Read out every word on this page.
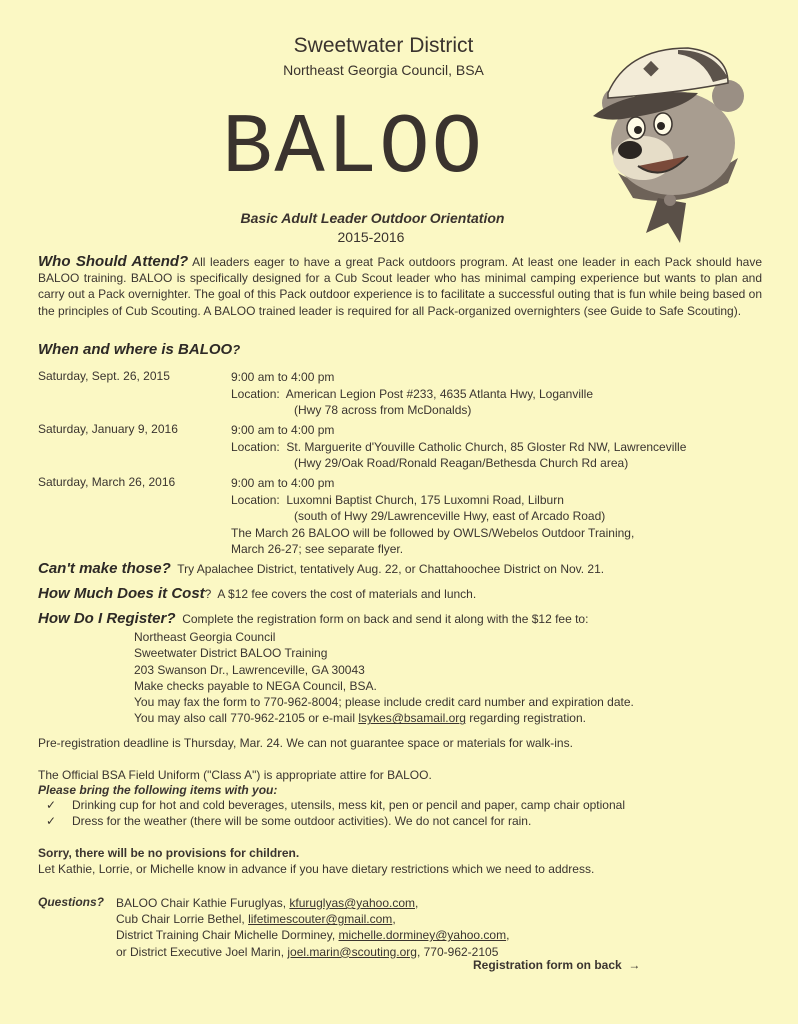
Sweetwater District
Northeast Georgia Council, BSA
BALOO
Basic Adult Leader Outdoor Orientation
2015-2016
Who Should Attend? All leaders eager to have a great Pack outdoors program. At least one leader in each Pack should have BALOO training. BALOO is specifically designed for a Cub Scout leader who has minimal camping experience but wants to plan and carry out a Pack overnighter. The goal of this Pack outdoor experience is to facilitate a successful outing that is fun while being based on the principles of Cub Scouting. A BALOO trained leader is required for all Pack-organized overnighters (see Guide to Safe Scouting).
When and where is BALOO?
Saturday, Sept. 26, 2015	9:00 am to 4:00 pm
Location: American Legion Post #233, 4635 Atlanta Hwy, Loganville
(Hwy 78 across from McDonalds)
Saturday, January 9, 2016	9:00 am to 4:00 pm
Location: St. Marguerite d'Youville Catholic Church, 85 Gloster Rd NW, Lawrenceville
(Hwy 29/Oak Road/Ronald Reagan/Bethesda Church Rd area)
Saturday, March 26, 2016	9:00 am to 4:00 pm
Location: Luxomni Baptist Church, 175 Luxomni Road, Lilburn
(south of Hwy 29/Lawrenceville Hwy, east of Arcado Road)
The March 26 BALOO will be followed by OWLS/Webelos Outdoor Training,
March 26-27; see separate flyer.
Can't make those? Try Apalachee District, tentatively Aug. 22, or Chattahoochee District on Nov. 21.
How Much Does it Cost? A $12 fee covers the cost of materials and lunch.
How Do I Register? Complete the registration form on back and send it along with the $12 fee to:
Northeast Georgia Council
Sweetwater District BALOO Training
203 Swanson Dr., Lawrenceville, GA 30043
Make checks payable to NEGA Council, BSA.
You may fax the form to 770-962-8004; please include credit card number and expiration date.
You may also call 770-962-2105 or e-mail lsykes@bsamail.org regarding registration.
Pre-registration deadline is Thursday, Mar. 24. We can not guarantee space or materials for walk-ins.
The Official BSA Field Uniform ("Class A") is appropriate attire for BALOO.
Please bring the following items with you:
✓ Drinking cup for hot and cold beverages, utensils, mess kit, pen or pencil and paper, camp chair optional
✓ Dress for the weather (there will be some outdoor activities). We do not cancel for rain.
Sorry, there will be no provisions for children.
Let Kathie, Lorrie, or Michelle know in advance if you have dietary restrictions which we need to address.
Questions? BALOO Chair Kathie Furuglyas, kfuruglyas@yahoo.com,
Cub Chair Lorrie Bethel, lifetimescouter@gmail.com,
District Training Chair Michelle Dorminey, michelle.dorminey@yahoo.com,
or District Executive Joel Marin, joel.marin@scouting.org, 770-962-2105
Registration form on back →
